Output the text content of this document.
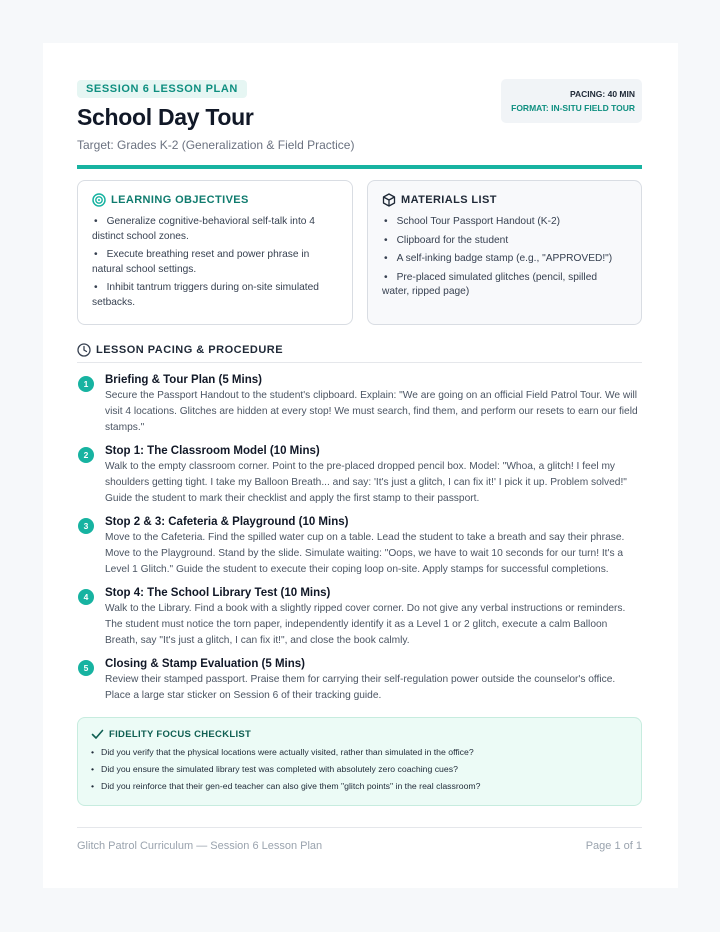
PACING: 40 MIN
FORMAT: IN-SITU FIELD TOUR
SESSION 6 LESSON PLAN
School Day Tour
Target: Grades K-2 (Generalization & Field Practice)
LEARNING OBJECTIVES
• Generalize cognitive-behavioral self-talk into 4 distinct school zones.
• Execute breathing reset and power phrase in natural school settings.
• Inhibit tantrum triggers during on-site simulated setbacks.
MATERIALS LIST
• School Tour Passport Handout (K-2)
• Clipboard for the student
• A self-inking badge stamp (e.g., "APPROVED!")
• Pre-placed simulated glitches (pencil, spilled water, ripped page)
LESSON PACING & PROCEDURE
1	Briefing & Tour Plan (5 Mins)
Secure the Passport Handout to the student's clipboard. Explain: "We are going on an official Field Patrol Tour. We will visit 4 locations. Glitches are hidden at every stop! We must search, find them, and perform our resets to earn our field stamps."
2	Stop 1: The Classroom Model (10 Mins)
Walk to the empty classroom corner. Point to the pre-placed dropped pencil box. Model: "Whoa, a glitch! I feel my shoulders getting tight. I take my Balloon Breath... and say: 'It's just a glitch, I can fix it!' I pick it up. Problem solved!" Guide the student to mark their checklist and apply the first stamp to their passport.
3	Stop 2 & 3: Cafeteria & Playground (10 Mins)
Move to the Cafeteria. Find the spilled water cup on a table. Lead the student to take a breath and say their phrase. Move to the Playground. Stand by the slide. Simulate waiting: "Oops, we have to wait 10 seconds for our turn! It's a Level 1 Glitch." Guide the student to execute their coping loop on-site. Apply stamps for successful completions.
4	Stop 4: The School Library Test (10 Mins)
Walk to the Library. Find a book with a slightly ripped cover corner. Do not give any verbal instructions or reminders. The student must notice the torn paper, independently identify it as a Level 1 or 2 glitch, execute a calm Balloon Breath, say "It's just a glitch, I can fix it!", and close the book calmly.
5	Closing & Stamp Evaluation (5 Mins)
Review their stamped passport. Praise them for carrying their self-regulation power outside the counselor's office. Place a large star sticker on Session 6 of their tracking guide.
FIDELITY FOCUS CHECKLIST
• Did you verify that the physical locations were actually visited, rather than simulated in the office?
• Did you ensure the simulated library test was completed with absolutely zero coaching cues?
• Did you reinforce that their gen-ed teacher can also give them "glitch points" in the real classroom?
Glitch Patrol Curriculum — Session 6 Lesson Plan	Page 1 of 1
